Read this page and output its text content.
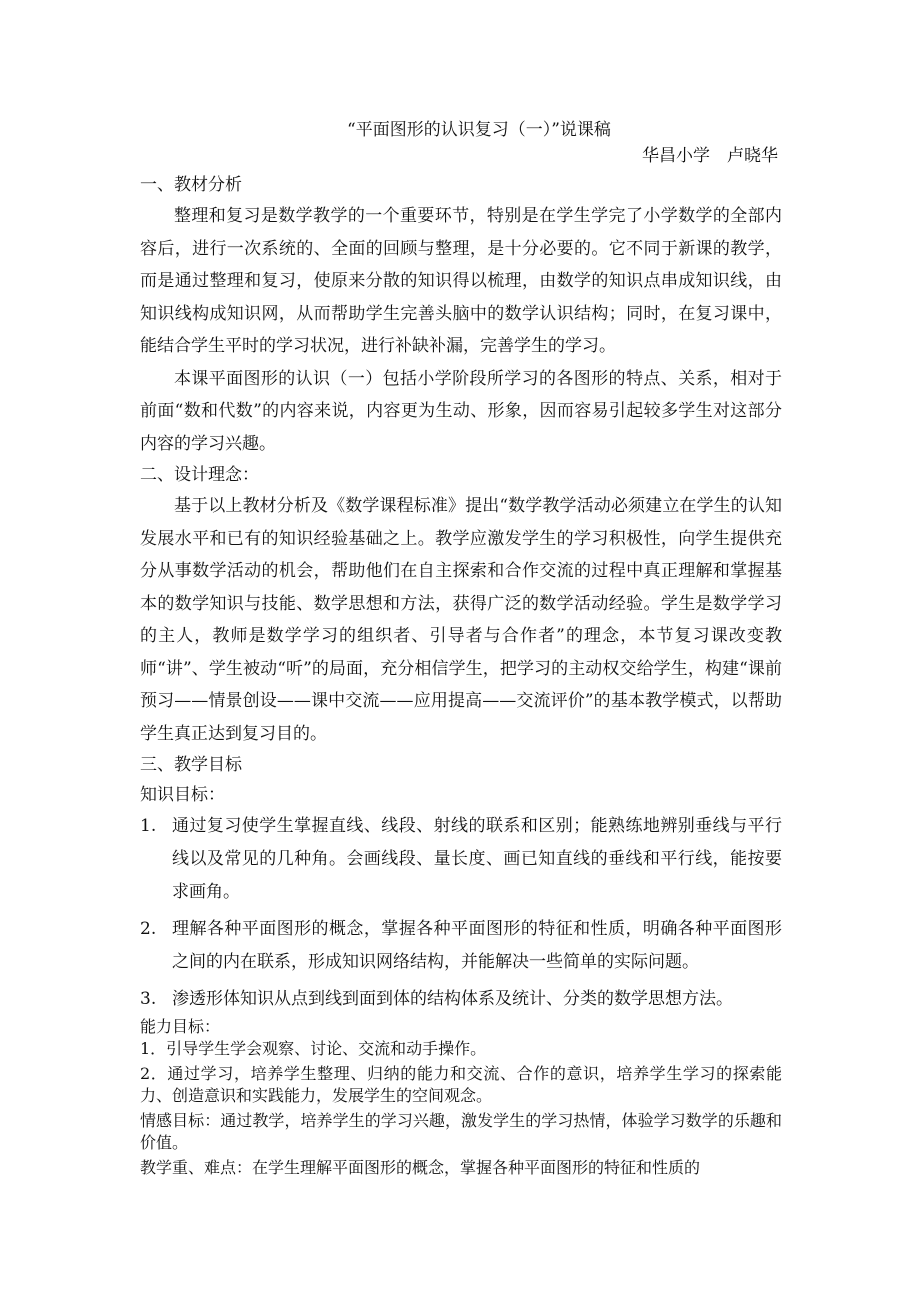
“平面图形的认识复习（一）”说课稿

华昌小学　卢晓华

一、教材分析

整理和复习是数学教学的一个重要环节，特别是在学生学完了小学数学的全部内容后，进行一次系统的、全面的回顾与整理，是十分必要的。它不同于新课的教学，而是通过整理和复习，使原来分散的知识得以梳理，由数学的知识点串成知识线，由知识线构成知识网，从而帮助学生完善头脑中的数学认识结构；同时，在复习课中，能结合学生平时的学习状况，进行补缺补漏，完善学生的学习。

本课平面图形的认识（一）包括小学阶段所学习的各图形的特点、关系，相对于前面“数和代数”的内容来说，内容更为生动、形象，因而容易引起较多学生对这部分内容的学习兴趣。

二、设计理念：

基于以上教材分析及《数学课程标准》提出“数学教学活动必须建立在学生的认知发展水平和已有的知识经验基础之上。教学应激发学生的学习积极性，向学生提供充分从事数学活动的机会，帮助他们在自主探索和合作交流的过程中真正理解和掌握基本的数学知识与技能、数学思想和方法，获得广泛的数学活动经验。学生是数学学习的主人，教师是数学学习的组织者、引导者与合作者”的理念，本节复习课改变教师“讲”、学生被动“听”的局面，充分相信学生，把学习的主动权交给学生，构建“课前预习——情景创设——课中交流——应用提高——交流评价”的基本教学模式，以帮助学生真正达到复习目的。

三、教学目标

知识目标：

1. 通过复习使学生掌握直线、线段、射线的联系和区别；能熟练地辨别垂线与平行线以及常见的几种角。会画线段、量长度、画已知直线的垂线和平行线，能按要求画角。
2. 理解各种平面图形的概念，掌握各种平面图形的特征和性质，明确各种平面图形之间的内在联系，形成知识网络结构，并能解决一些简单的实际问题。
3. 渗透形体知识从点到线到面到体的结构体系及统计、分类的数学思想方法。

能力目标：

1．引导学生学会观察、讨论、交流和动手操作。

2．通过学习，培养学生整理、归纳的能力和交流、合作的意识，培养学生学习的探索能力、创造意识和实践能力，发展学生的空间观念。

情感目标：通过教学，培养学生的学习兴趣，激发学生的学习热情，体验学习数学的乐趣和价值。

教学重、难点：在学生理解平面图形的概念，掌握各种平面图形的特征和性质的
